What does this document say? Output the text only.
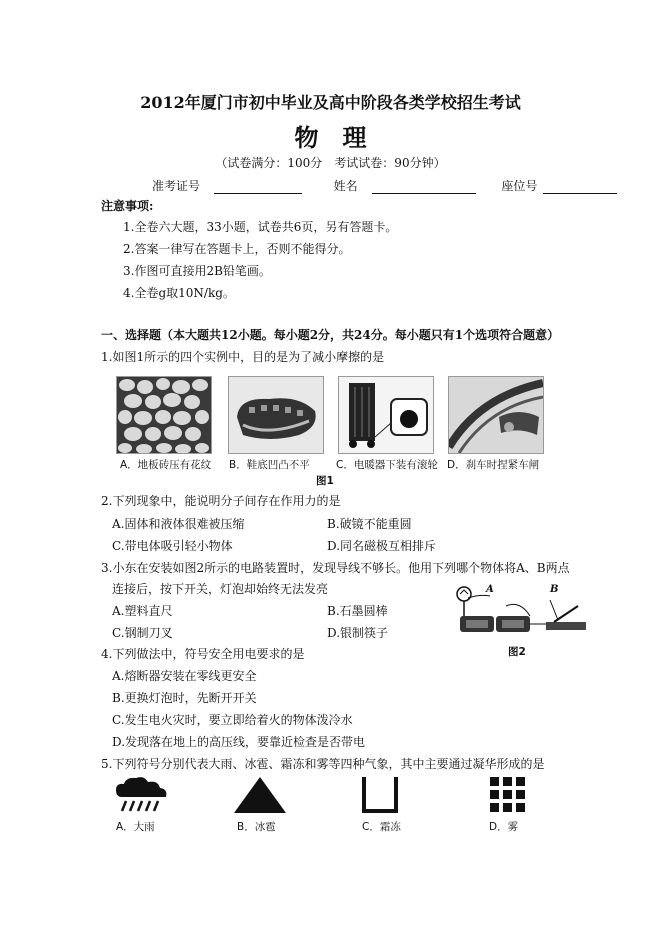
2012年厦门市初中毕业及高中阶段各类学校招生考试
物　理
（试卷满分：100分　考试试卷：90分钟）
准考证号	姓名	座位号
注意事项:
1.全卷六大题，33小题，试卷共6页，另有答题卡。
2.答案一律写在答题卡上，否则不能得分。
3.作图可直接用2B铅笔画。
4.全卷g取10N/kg。
一、选择题（本大题共12小题。每小题2分，共24分。每小题只有1个选项符合题意）
1.如图1所示的四个实例中，目的是为了减小摩擦的是
A．地板砖压有花纹 B．鞋底凹凸不平	C．电暖器下装有滚轮 D．刹车时捏紧车闸
图1
2.下列现象中，能说明分子间存在作用力的是
A.固体和液体很难被压缩	B.破镜不能重圆
C.带电体吸引轻小物体	D.同名磁极互相排斥
3.小东在安装如图2所示的电路装置时，发现导线不够长。他用下列哪个物体将A、B两点
连接后，按下开关，灯泡却始终无法发亮
A.塑料直尺	B.石墨圆棒
C.钢制刀叉	D.银制筷子
A	B
图2
4.下列做法中，符号安全用电要求的是
A.熔断器安装在零线更安全
B.更换灯泡时，先断开开关
C.发生电火灾时，要立即给着火的物体泼冷水
D.发现落在地上的高压线，要靠近检查是否带电
5.下列符号分别代表大雨、冰雹、霜冻和雾等四种气象，其中主要通过凝华形成的是
A．大雨	B．冰雹	C．霜冻	D．雾
